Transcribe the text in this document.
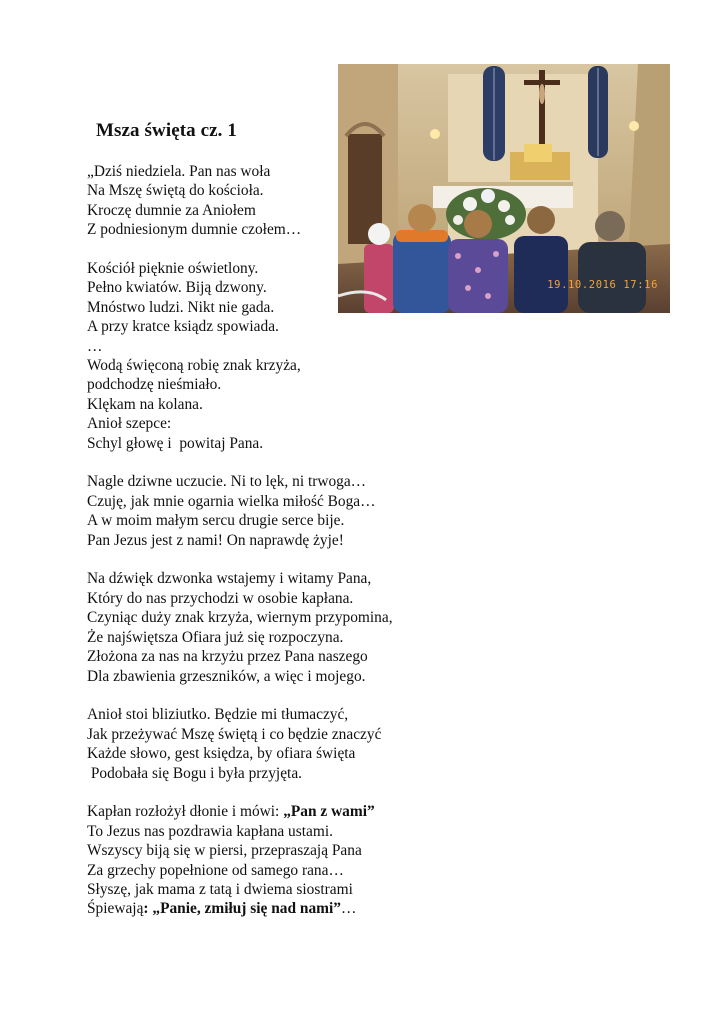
Msza święta cz. 1
19.10.2016 17:16
„Dziś niedziela. Pan nas woła
Na Mszę świętą do kościoła.
Kroczę dumnie za Aniołem
Z podniesionym dumnie czołem…
Kościół pięknie oświetlony.
Pełno kwiatów. Biją dzwony.
Mnóstwo ludzi. Nikt nie gada.
A przy kratce ksiądz spowiada.
…
Wodą święconą robię znak krzyża,
podchodzę nieśmiało.
Klękam na kolana.
Anioł szepce:
Schyl głowę i  powitaj Pana.
Nagle dziwne uczucie. Ni to lęk, ni trwoga…
Czuję, jak mnie ogarnia wielka miłość Boga…
A w moim małym sercu drugie serce bije.
Pan Jezus jest z nami! On naprawdę żyje!
Na dźwięk dzwonka wstajemy i witamy Pana,
Który do nas przychodzi w osobie kapłana.
Czyniąc duży znak krzyża, wiernym przypomina,
Że najświętsza Ofiara już się rozpoczyna.
Złożona za nas na krzyżu przez Pana naszego
Dla zbawienia grzeszników, a więc i mojego.
Anioł stoi bliziutko. Będzie mi tłumaczyć,
Jak przeżywać Mszę świętą i co będzie znaczyć
Każde słowo, gest księdza, by ofiara święta
Podobała się Bogu i była przyjęta.
Kapłan rozłożył dłonie i mówi: „Pan z wami”
To Jezus nas pozdrawia kapłana ustami.
Wszyscy biją się w piersi, przepraszają Pana
Za grzechy popełnione od samego rana…
Słyszę, jak mama z tatą i dwiema siostrami
Śpiewają: „Panie, zmiłuj się nad nami”…
